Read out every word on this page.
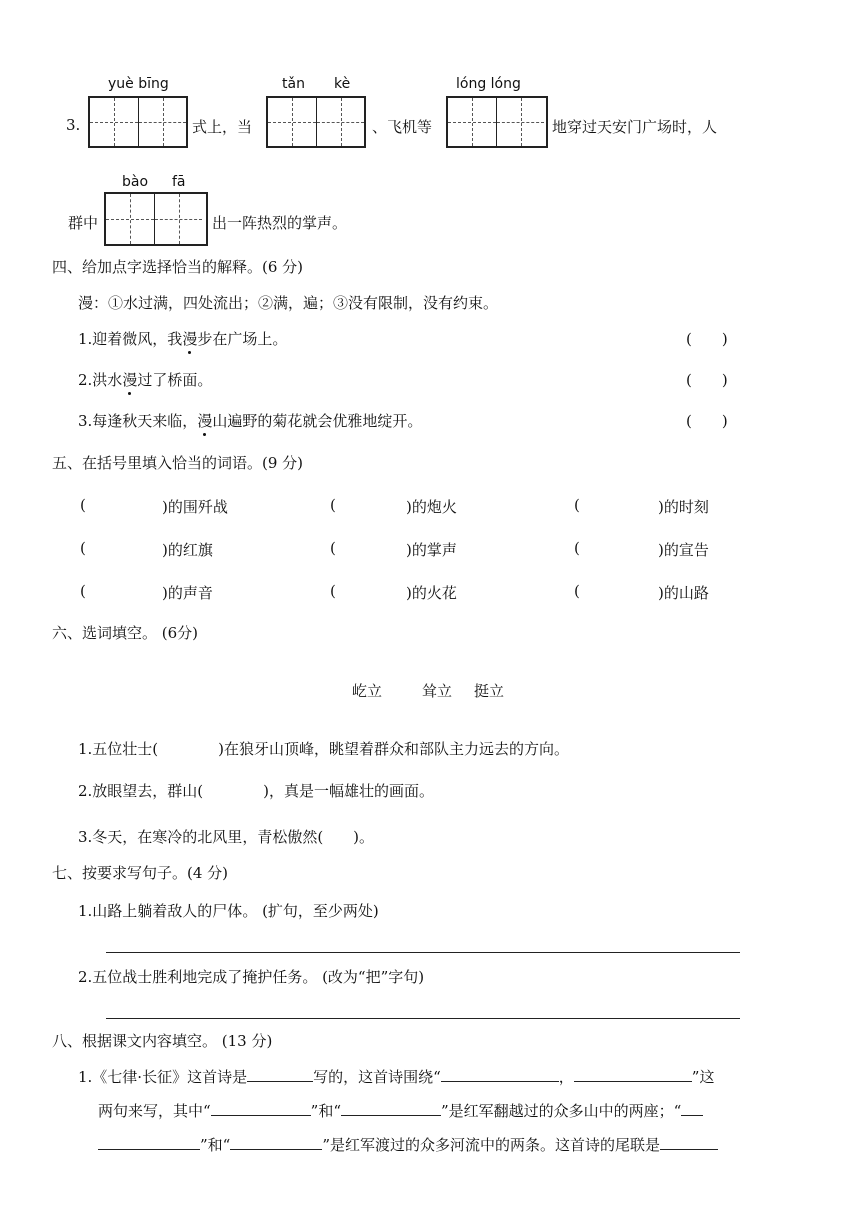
yuè bīng
3.	式上，当
tǎn kè
、飞机等
lóng lóng
地穿过天安门广场时，人
群中
bào fā
出一阵热烈的掌声。
四、给加点字选择恰当的解释。(6 分)
漫：①水过满，四处流出；②满，遍；③没有限制，没有约束。
1.迎着微风，我漫步在广场上。	(　　)
2.洪水漫过了桥面。	(　　)
3.每逢秋天来临，漫山遍野的菊花就会优雅地绽开。	(　　)
五、在括号里填入恰当的词语。(9 分)
(	)的围歼战	(	)的炮火	(	)的时刻
(	)的红旗	(	)的掌声	(	)的宣告
(	)的声音	(	)的火花	(	)的山路
六、选词填空。 (6分)
屹立	耸立 挺立
1.五位壮士(　　　　)在狼牙山顶峰，眺望着群众和部队主力远去的方向。
2.放眼望去，群山(　　　　)，真是一幅雄壮的画面。
3.冬天，在寒冷的北风里，青松傲然(　　)。
七、按要求写句子。(4 分)
1.山路上躺着敌人的尸体。 (扩句，至少两处)
2.五位战士胜利地完成了掩护任务。 (改为“把”字句)
八、根据课文内容填空。 (13 分)
1.《七律·长征》这首诗是	写的，这首诗围绕“	，	”这
两句来写，其中“	”和“	”是红军翻越过的众多山中的两座；“
”和“	”是红军渡过的众多河流中的两条。这首诗的尾联是
